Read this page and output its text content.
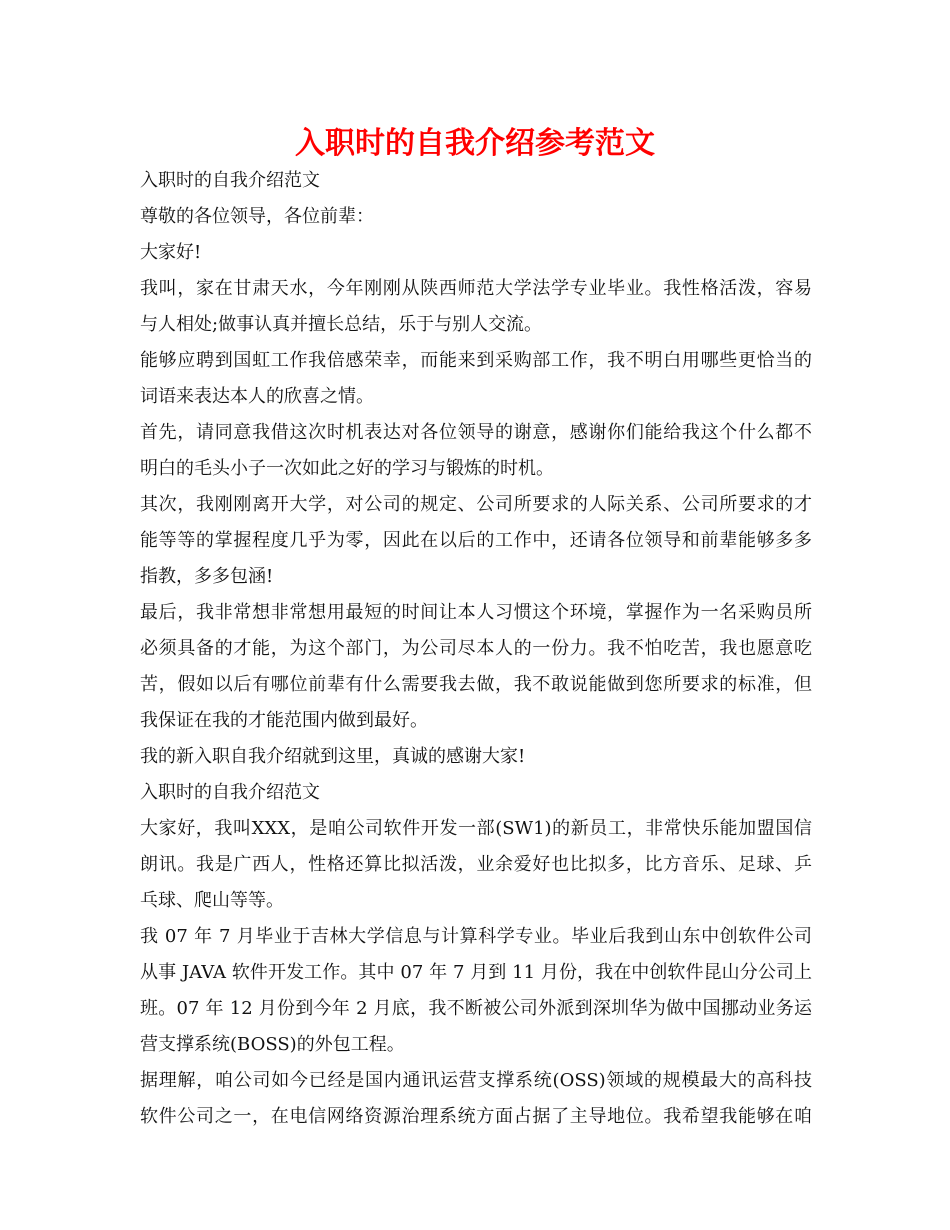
入职时的自我介绍参考范文
入职时的自我介绍范文
尊敬的各位领导，各位前辈：
大家好!
我叫，家在甘肃天水，今年刚刚从陕西师范大学法学专业毕业。我性格活泼，容易
与人相处;做事认真并擅长总结，乐于与别人交流。
能够应聘到国虹工作我倍感荣幸，而能来到采购部工作，我不明白用哪些更恰当的
词语来表达本人的欣喜之情。
首先，请同意我借这次时机表达对各位领导的谢意，感谢你们能给我这个什么都不
明白的毛头小子一次如此之好的学习与锻炼的时机。
其次，我刚刚离开大学，对公司的规定、公司所要求的人际关系、公司所要求的才
能等等的掌握程度几乎为零，因此在以后的工作中，还请各位领导和前辈能够多多
指教，多多包涵!
最后，我非常想非常想用最短的时间让本人习惯这个环境，掌握作为一名采购员所
必须具备的才能，为这个部门，为公司尽本人的一份力。我不怕吃苦，我也愿意吃
苦，假如以后有哪位前辈有什么需要我去做，我不敢说能做到您所要求的标准，但
我保证在我的才能范围内做到最好。
我的新入职自我介绍就到这里，真诚的感谢大家!
入职时的自我介绍范文
大家好，我叫XXX，是咱公司软件开发一部(SW1)的新员工，非常快乐能加盟国信
朗讯。我是广西人，性格还算比拟活泼，业余爱好也比拟多，比方音乐、足球、乒
乓球、爬山等等。
我 07 年 7 月毕业于吉林大学信息与计算科学专业。毕业后我到山东中创软件公司
从事 JAVA 软件开发工作。其中 07 年 7 月到 11 月份，我在中创软件昆山分公司上
班。07 年 12 月份到今年 2 月底，我不断被公司外派到深圳华为做中国挪动业务运
营支撑系统(BOSS)的外包工程。
据理解，咱公司如今已经是国内通讯运营支撑系统(OSS)领域的规模最大的高科技
软件公司之一，在电信网络资源治理系统方面占据了主导地位。我希望我能够在咱
